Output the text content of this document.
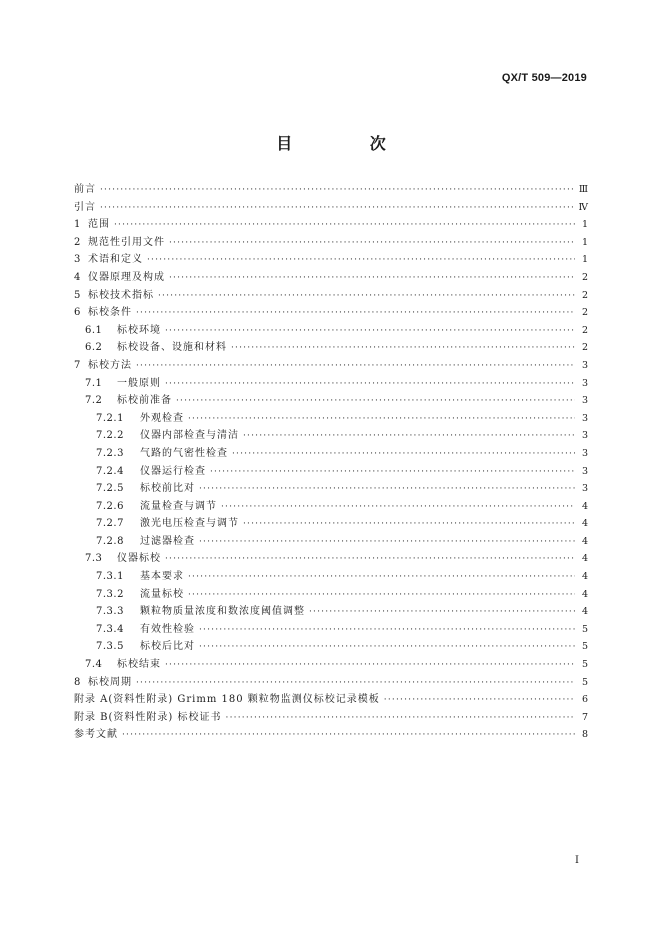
QX/T 509—2019
目 次
前言 ·····	Ⅲ
引言 ·····	Ⅳ
1 范围 ·····	1
2 规范性引用文件 ·····	1
3 术语和定义 ·····	1
4 仪器原理及构成 ·····	2
5 标校技术指标 ·····	2
6 标校条件 ·····	2
6.1	标校环境 ·····	2
6.2	标校设备、设施和材料 ·····	2
7 标校方法 ·····	3
7.1	一般原则 ·····	3
7.2	标校前准备 ·····	3
7.2.1	外观检查 ·····	3
7.2.2	仪器内部检查与清洁 ·····	3
7.2.3	气路的气密性检查 ·····	3
7.2.4	仪器运行检查 ·····	3
7.2.5	标校前比对 ·····	3
7.2.6	流量检查与调节 ·····	4
7.2.7	激光电压检查与调节 ·····	4
7.2.8	过滤器检查 ·····	4
7.3	仪器标校 ·····	4
7.3.1	基本要求 ·····	4
7.3.2	流量标校 ·····	4
7.3.3	颗粒物质量浓度和数浓度阈值调整 ·····	4
7.3.4	有效性检验 ·····	5
7.3.5	标校后比对 ·····	5
7.4	标校结束 ·····	5
8 标校周期 ·····	5
附录 A(资料性附录) Grimm 180 颗粒物监测仪标校记录模板 ·····	6
附录 B(资料性附录) 标校证书 ·····	7
参考文献 ·····	8
Ⅰ
